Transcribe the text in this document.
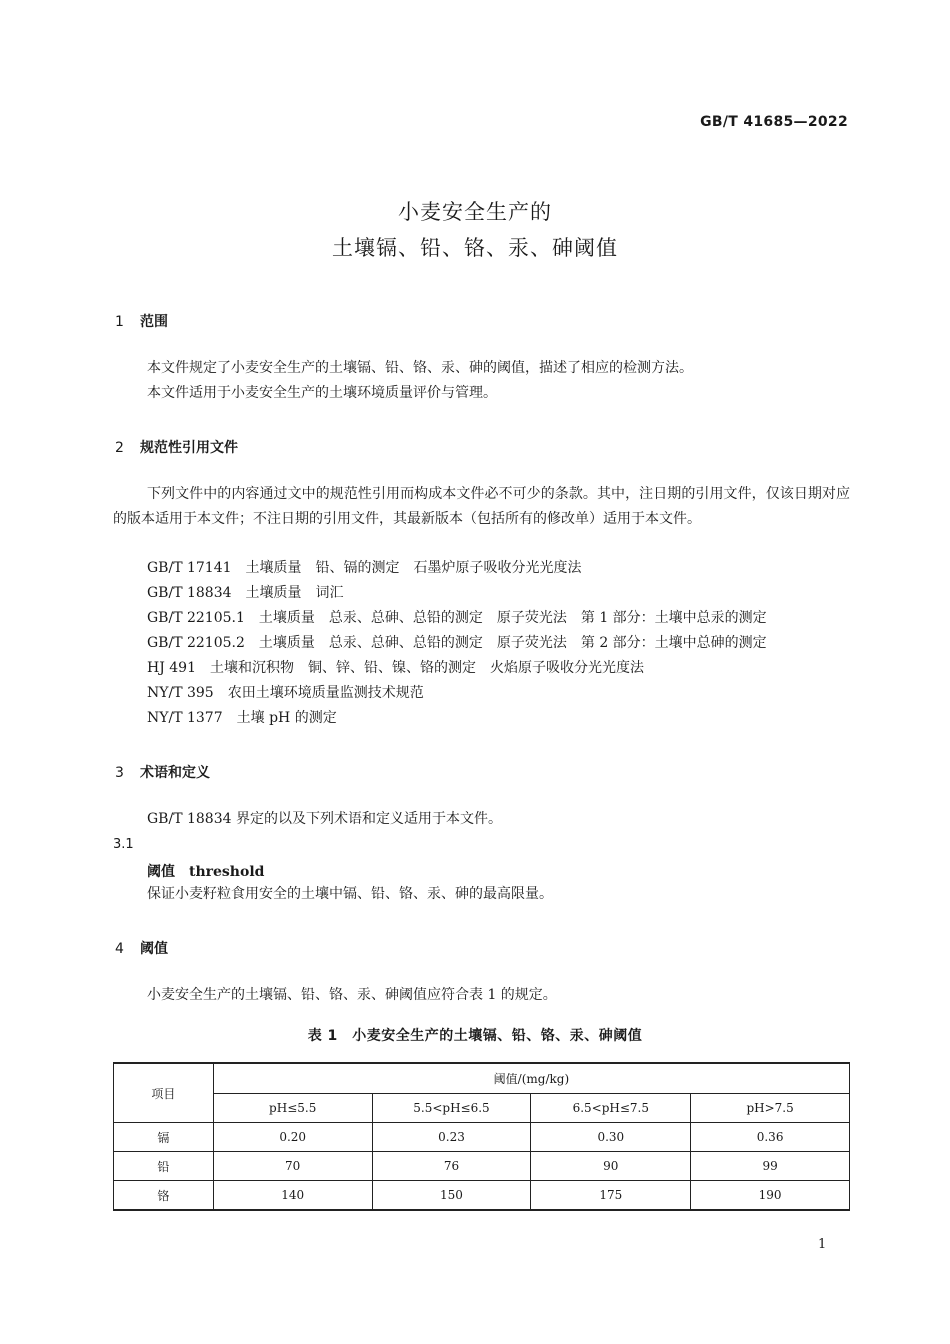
GB/T 41685—2022
小麦安全生产的
土壤镉、铅、铬、汞、砷阈值
1 范围
本文件规定了小麦安全生产的土壤镉、铅、铬、汞、砷的阈值，描述了相应的检测方法。
本文件适用于小麦安全生产的土壤环境质量评价与管理。
2 规范性引用文件
下列文件中的内容通过文中的规范性引用而构成本文件必不可少的条款。其中，注日期的引用文件，仅该日期对应的版本适用于本文件；不注日期的引用文件，其最新版本（包括所有的修改单）适用于本文件。
GB/T 17141　土壤质量　铅、镉的测定　石墨炉原子吸收分光光度法
GB/T 18834　土壤质量　词汇
GB/T 22105.1　土壤质量　总汞、总砷、总铅的测定　原子荧光法　第 1 部分：土壤中总汞的测定
GB/T 22105.2　土壤质量　总汞、总砷、总铅的测定　原子荧光法　第 2 部分：土壤中总砷的测定
HJ 491　土壤和沉积物　铜、锌、铅、镍、铬的测定　火焰原子吸收分光光度法
NY/T 395　农田土壤环境质量监测技术规范
NY/T 1377　土壤 pH 的测定
3 术语和定义
GB/T 18834 界定的以及下列术语和定义适用于本文件。
3.1
阈值　 threshold
保证小麦籽粒食用安全的土壤中镉、铅、铬、汞、砷的最高限量。
4 阈值
小麦安全生产的土壤镉、铅、铬、汞、砷阈值应符合表 1 的规定。
表 1　小麦安全生产的土壤镉、铅、铬、汞、砷阈值
项目	阈值/(mg/kg)			
	pH≤5.5	5.5<pH≤6.5	6.5<pH≤7.5	pH>7.5
镉	0.20	0.23	0.30	0.36
铅	70	76	90	99
铬	140	150	175	190
1
